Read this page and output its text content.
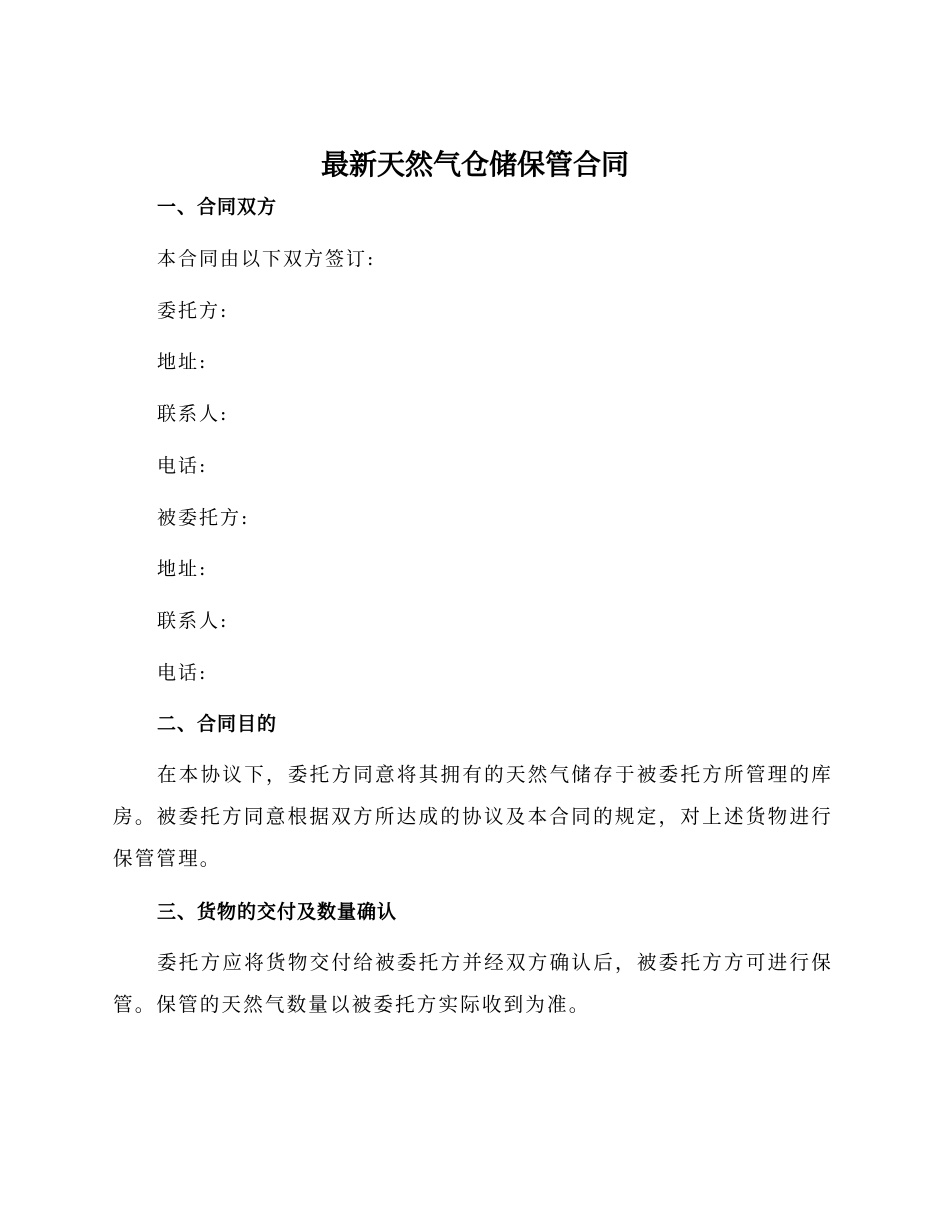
最新天然气仓储保管合同
一、合同双方
本合同由以下双方签订:
委托方:
地址:
联系人:
电话:
被委托方:
地址:
联系人:
电话:
二、合同目的
在本协议下，委托方同意将其拥有的天然气储存于被委托方所管理的库房。被委托方同意根据双方所达成的协议及本合同的规定，对上述货物进行保管管理。
三、货物的交付及数量确认
委托方应将货物交付给被委托方并经双方确认后，被委托方方可进行保管。保管的天然气数量以被委托方实际收到为准。
